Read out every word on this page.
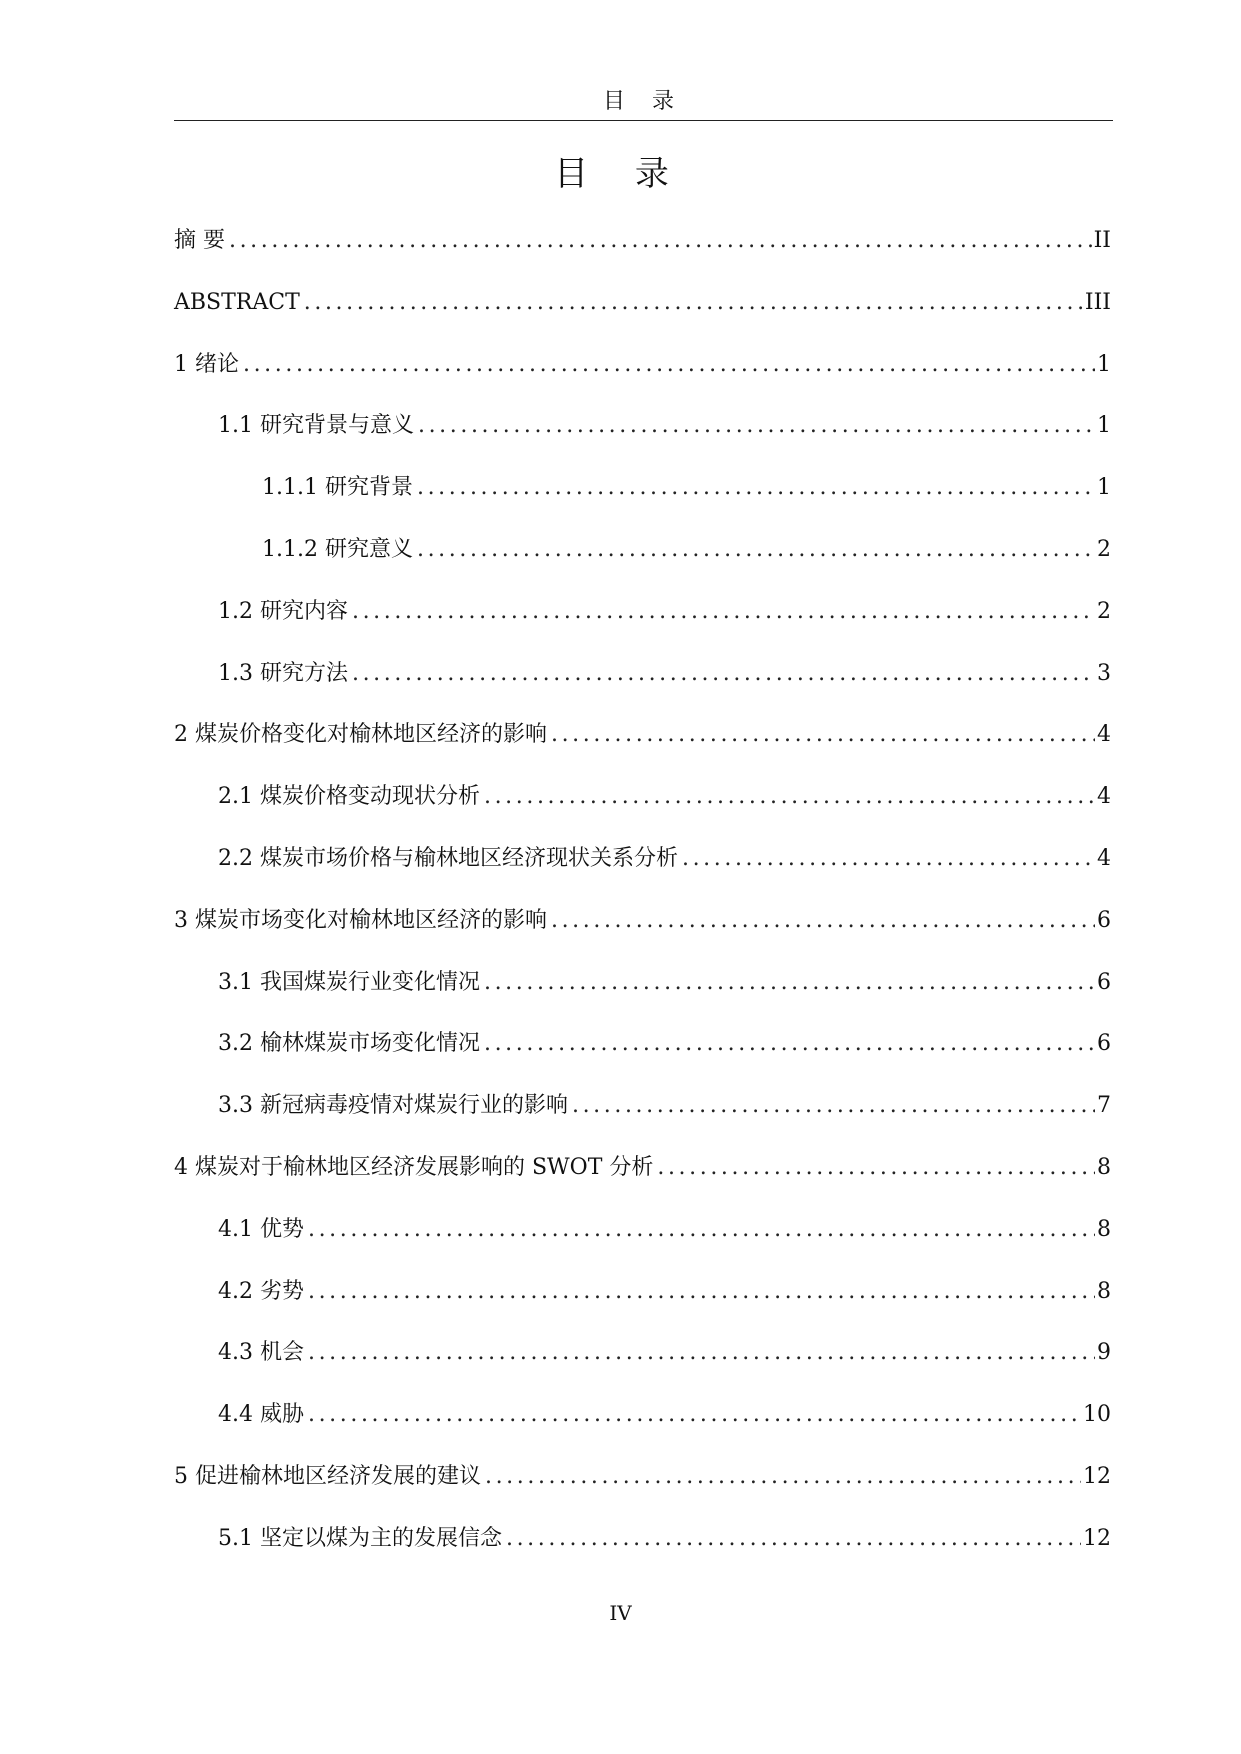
目 录
目 录
摘 要 .....	II
ABSTRACT .....	III
1 绪论 .....	1
1.1 研究背景与意义 .....	1
1.1.1 研究背景 .....	1
1.1.2 研究意义 .....	2
1.2 研究内容 .....	2
1.3 研究方法 .....	3
2 煤炭价格变化对榆林地区经济的影响 .....	4
2.1 煤炭价格变动现状分析 .....	4
2.2 煤炭市场价格与榆林地区经济现状关系分析 .....	4
3 煤炭市场变化对榆林地区经济的影响 .....	6
3.1 我国煤炭行业变化情况 .....	6
3.2 榆林煤炭市场变化情况 .....	6
3.3 新冠病毒疫情对煤炭行业的影响 .....	7
4 煤炭对于榆林地区经济发展影响的 SWOT 分析 .....	8
4.1 优势 .....	8
4.2 劣势 .....	8
4.3 机会 .....	9
4.4 威胁 .....	10
5 促进榆林地区经济发展的建议 .....	12
5.1 坚定以煤为主的发展信念 .....	12
IV
